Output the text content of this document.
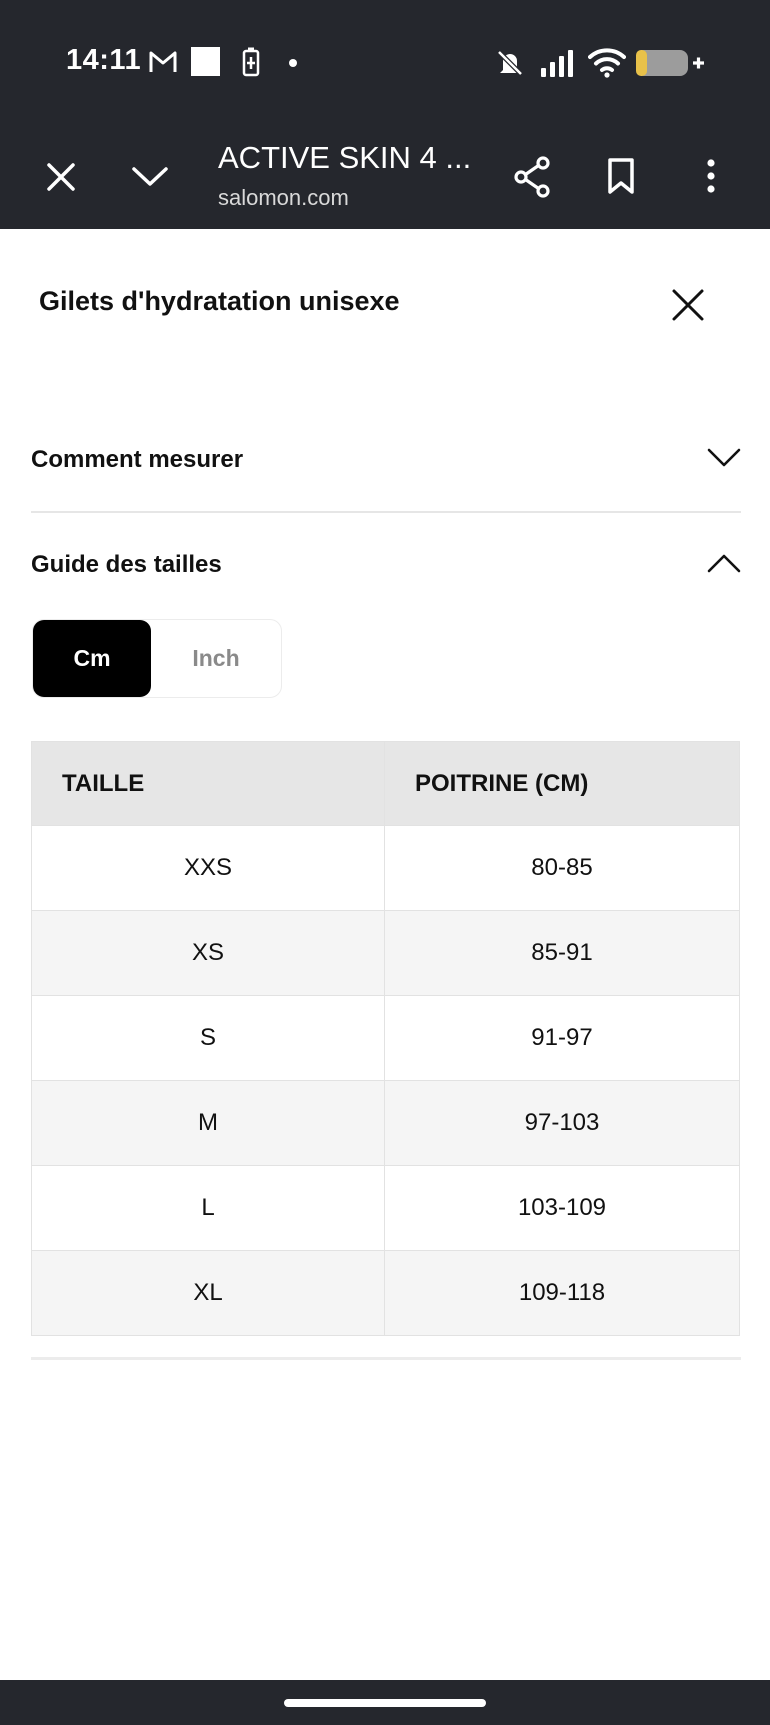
14:11
ACTIVE SKIN 4 ...
salomon.com
Gilets d'hydratation unisexe
Comment mesurer
Guide des tailles
Cm	Inch
TAILLE	POITRINE (CM)
XXS	80-85
XS	85-91
S	91-97
M	97-103
L	103-109
XL	109-118
